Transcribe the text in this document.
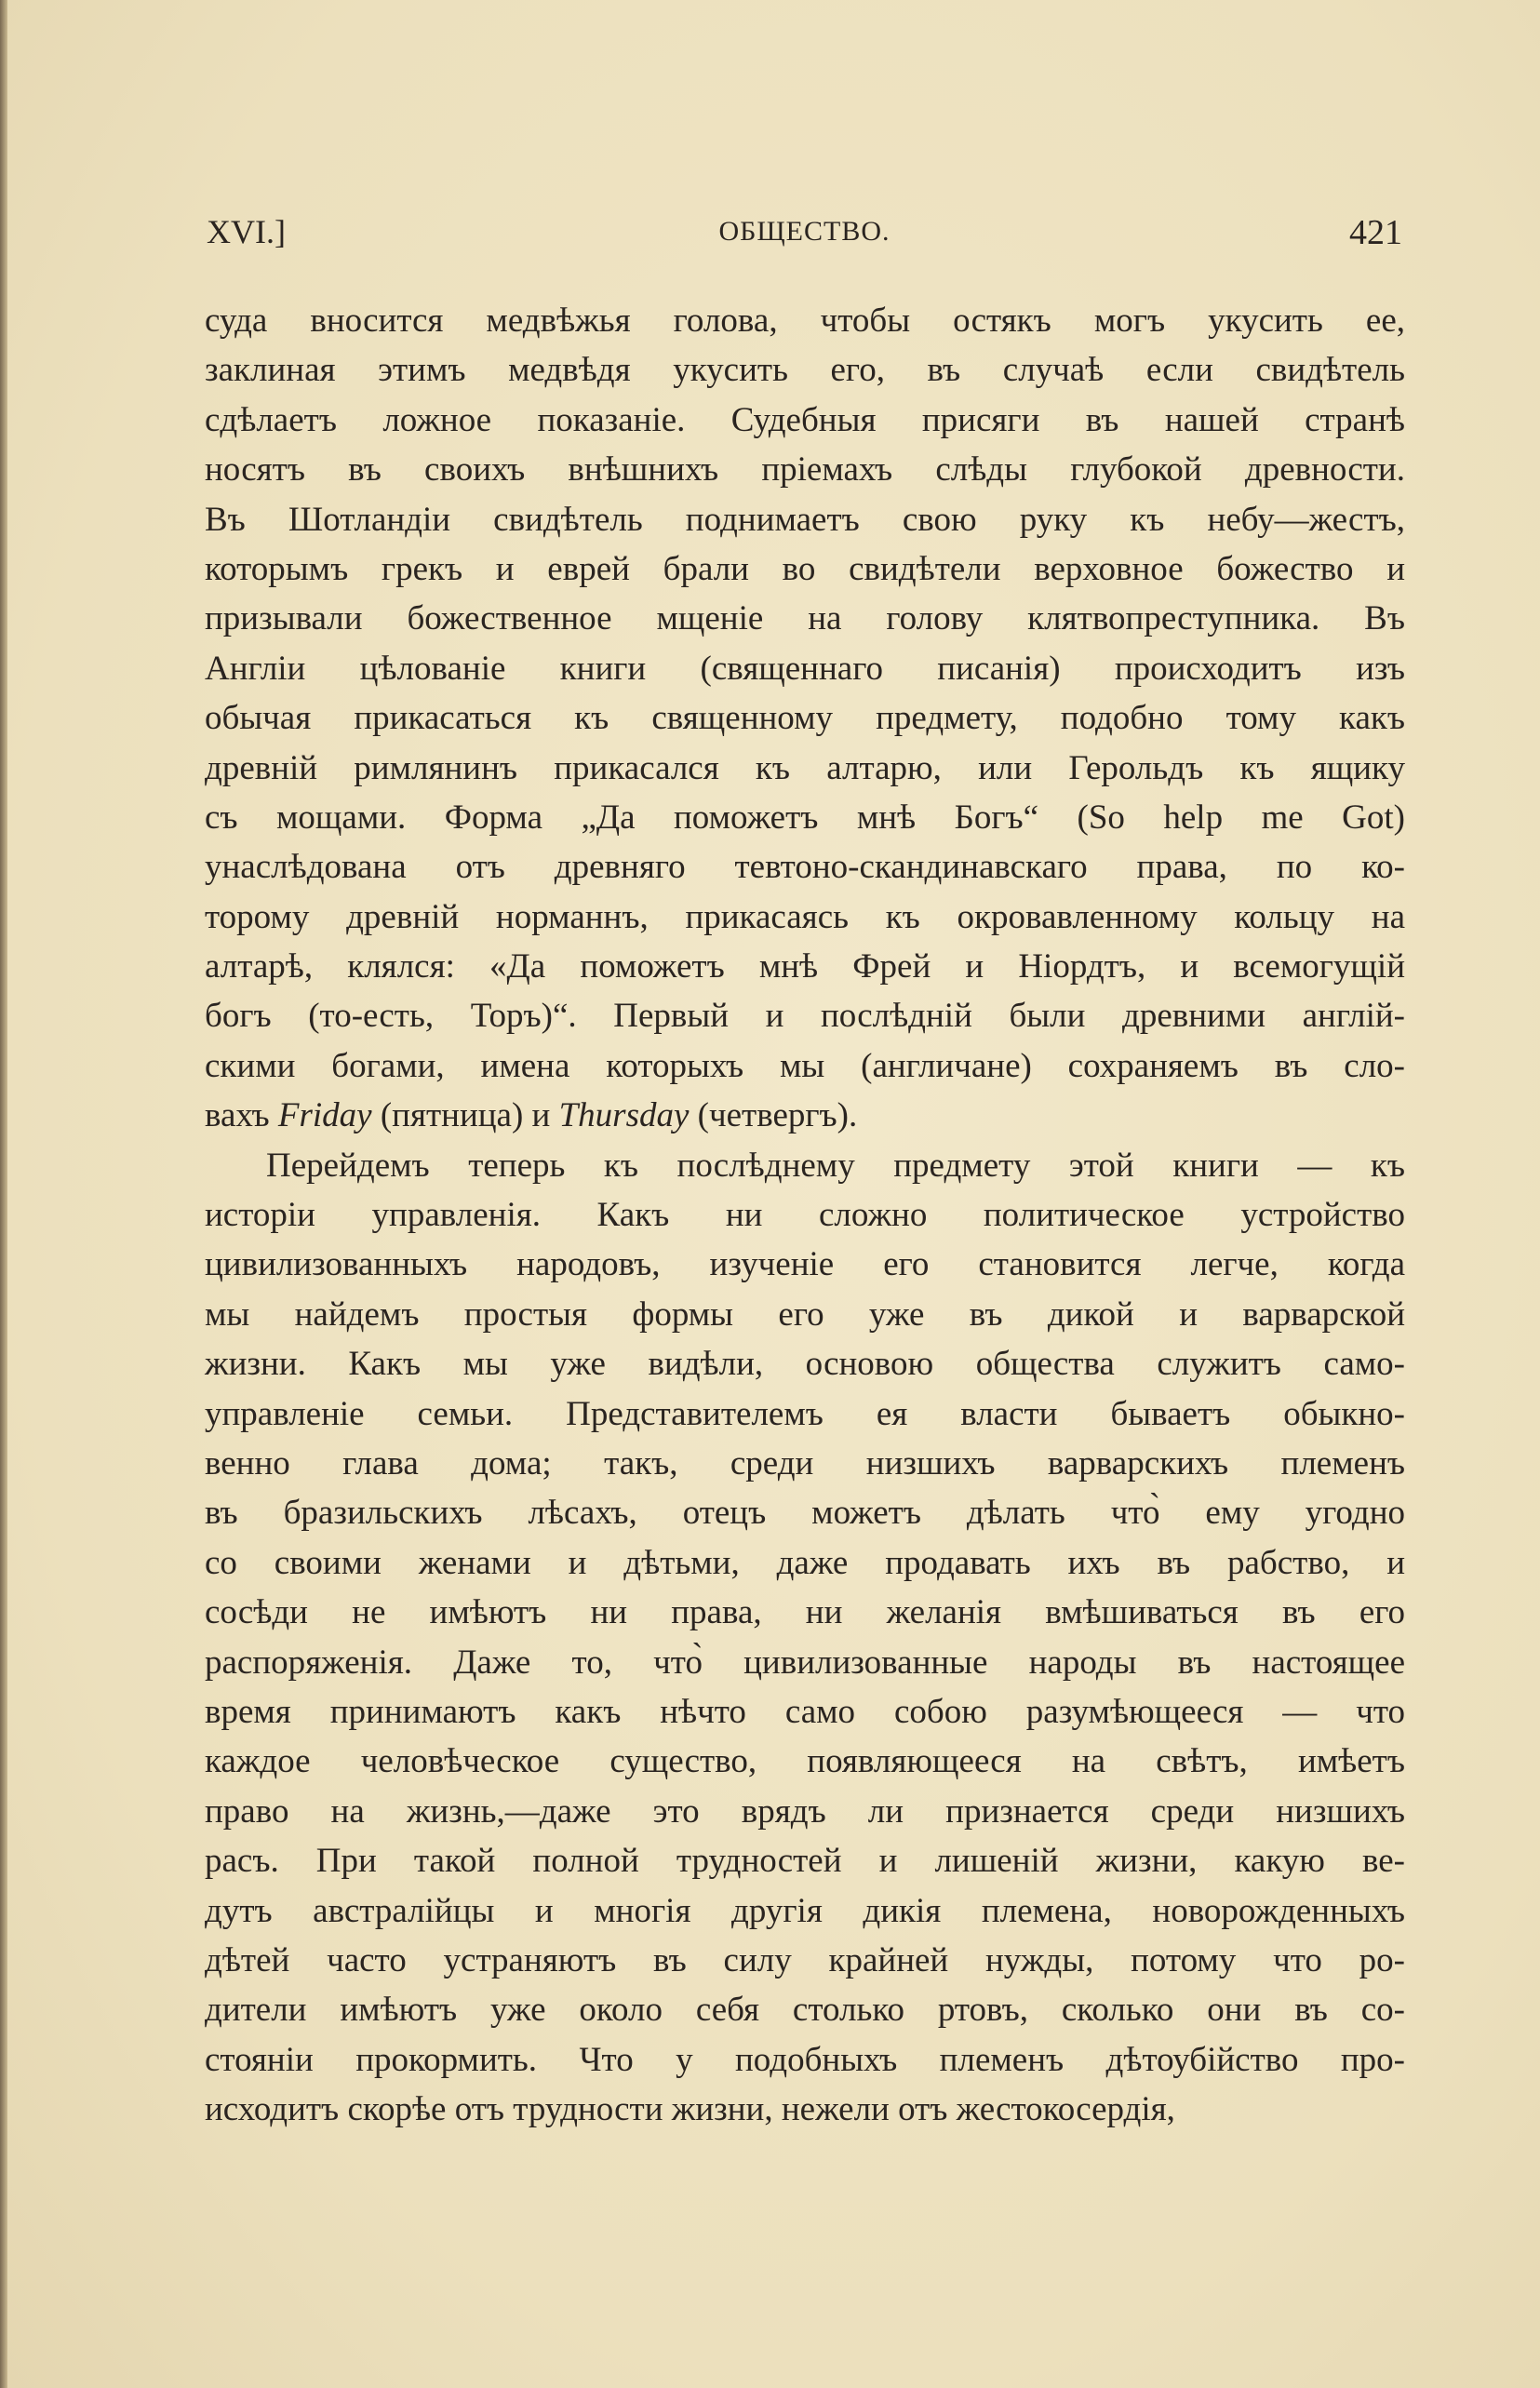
XVI.]	ОБЩЕСТВО.	421
суда вносится медвѣжья голова, чтобы остякъ могъ укусить ее,
заклиная этимъ медвѣдя укусить его, въ случаѣ если свидѣтель
сдѣлаетъ ложное показаніе. Судебныя присяги въ нашей странѣ
носятъ въ своихъ внѣшнихъ пріемахъ слѣды глубокой древности.
Въ Шотландіи свидѣтель поднимаетъ свою руку къ небу—жестъ,
которымъ грекъ и еврей брали во свидѣтели верховное божество и
призывали божественное мщеніе на голову клятвопреступника. Въ
Англіи цѣлованіе книги (священнаго писанія) происходитъ изъ
обычая прикасаться къ священному предмету, подобно тому какъ
древній римлянинъ прикасался къ алтарю, или Герольдъ къ ящику
съ мощами. Форма „Да поможетъ мнѣ Богъ“ (So help me Got)
унаслѣдована отъ древняго тевтоно-скандинавскаго права, по ко-
торому древній норманнъ, прикасаясь къ окровавленному кольцу на
алтарѣ, клялся: «Да поможетъ мнѣ Фрей и Ніордтъ, и всемогущій
богъ (то-есть, Торъ)“. Первый и послѣдній были древними англій-
скими богами, имена которыхъ мы (англичане) сохраняемъ въ сло-
вахъ Friday (пятница) и Thursday (четвергъ).
Перейдемъ теперь къ послѣднему предмету этой книги — къ
исторіи управленія. Какъ ни сложно политическое устройство
цивилизованныхъ народовъ, изученіе его становится легче, когда
мы найдемъ простыя формы его уже въ дикой и варварской
жизни. Какъ мы уже видѣли, основою общества служитъ само-
управленіе семьи. Представителемъ ея власти бываетъ обыкно-
венно глава дома; такъ, среди низшихъ варварскихъ племенъ
въ бразильскихъ лѣсахъ, отецъ можетъ дѣлать что̀ ему угодно
со своими женами и дѣтьми, даже продавать ихъ въ рабство, и
сосѣди не имѣютъ ни права, ни желанія вмѣшиваться въ его
распоряженія. Даже то, что̀ цивилизованные народы въ настоящее
время принимаютъ какъ нѣчто само собою разумѣющееся — что
каждое человѣческое существо, появляющееся на свѣтъ, имѣетъ
право на жизнь,—даже это врядъ ли признается среди низшихъ
расъ. При такой полной трудностей и лишеній жизни, какую ве-
дутъ австралійцы и многія другія дикія племена, новорожденныхъ
дѣтей часто устраняютъ въ силу крайней нужды, потому что ро-
дители имѣютъ уже около себя столько ртовъ, сколько они въ со-
стояніи прокормить. Что у подобныхъ племенъ дѣтоубійство про-
исходитъ скорѣе отъ трудности жизни, нежели отъ жестокосердія,
